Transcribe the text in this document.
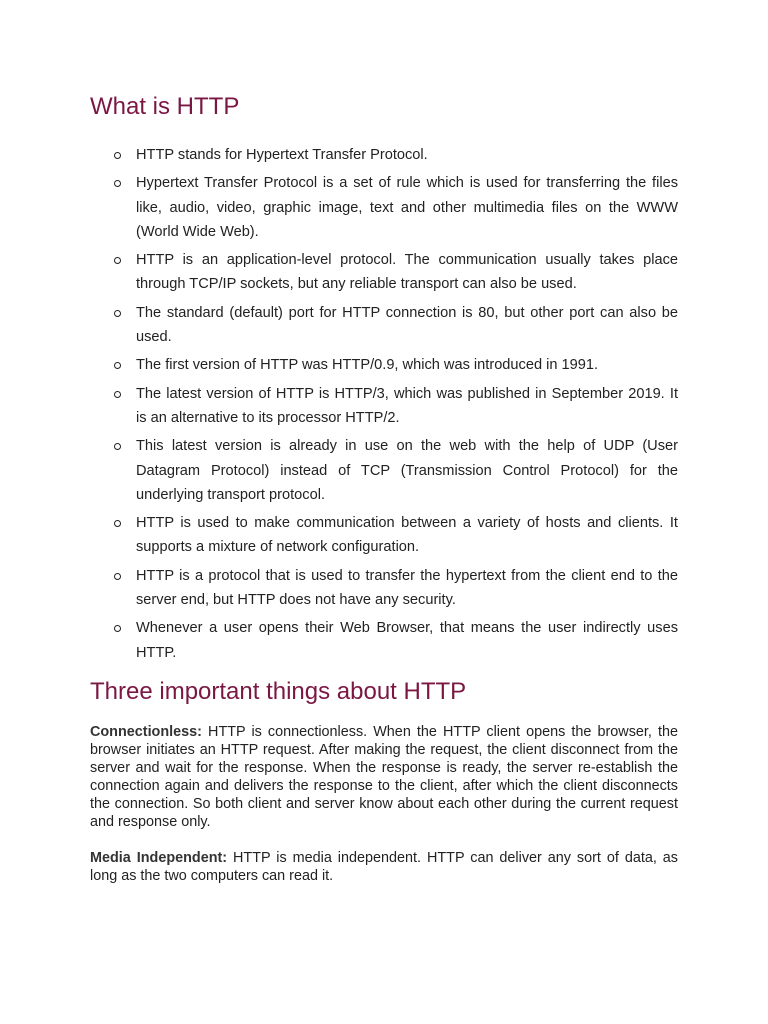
What is HTTP
HTTP stands for Hypertext Transfer Protocol.
Hypertext Transfer Protocol is a set of rule which is used for transferring the files like, audio, video, graphic image, text and other multimedia files on the WWW (World Wide Web).
HTTP is an application-level protocol. The communication usually takes place through TCP/IP sockets, but any reliable transport can also be used.
The standard (default) port for HTTP connection is 80, but other port can also be used.
The first version of HTTP was HTTP/0.9, which was introduced in 1991.
The latest version of HTTP is HTTP/3, which was published in September 2019. It is an alternative to its processor HTTP/2.
This latest version is already in use on the web with the help of UDP (User Datagram Protocol) instead of TCP (Transmission Control Protocol) for the underlying transport protocol.
HTTP is used to make communication between a variety of hosts and clients. It supports a mixture of network configuration.
HTTP is a protocol that is used to transfer the hypertext from the client end to the server end, but HTTP does not have any security.
Whenever a user opens their Web Browser, that means the user indirectly uses HTTP.
Three important things about HTTP

Connectionless: HTTP is connectionless. When the HTTP client opens the browser, the browser initiates an HTTP request. After making the request, the client disconnect from the server and wait for the response. When the response is ready, the server re-establish the connection again and delivers the response to the client, after which the client disconnects the connection. So both client and server know about each other during the current request and response only.

Media Independent: HTTP is media independent. HTTP can deliver any sort of data, as long as the two computers can read it.
